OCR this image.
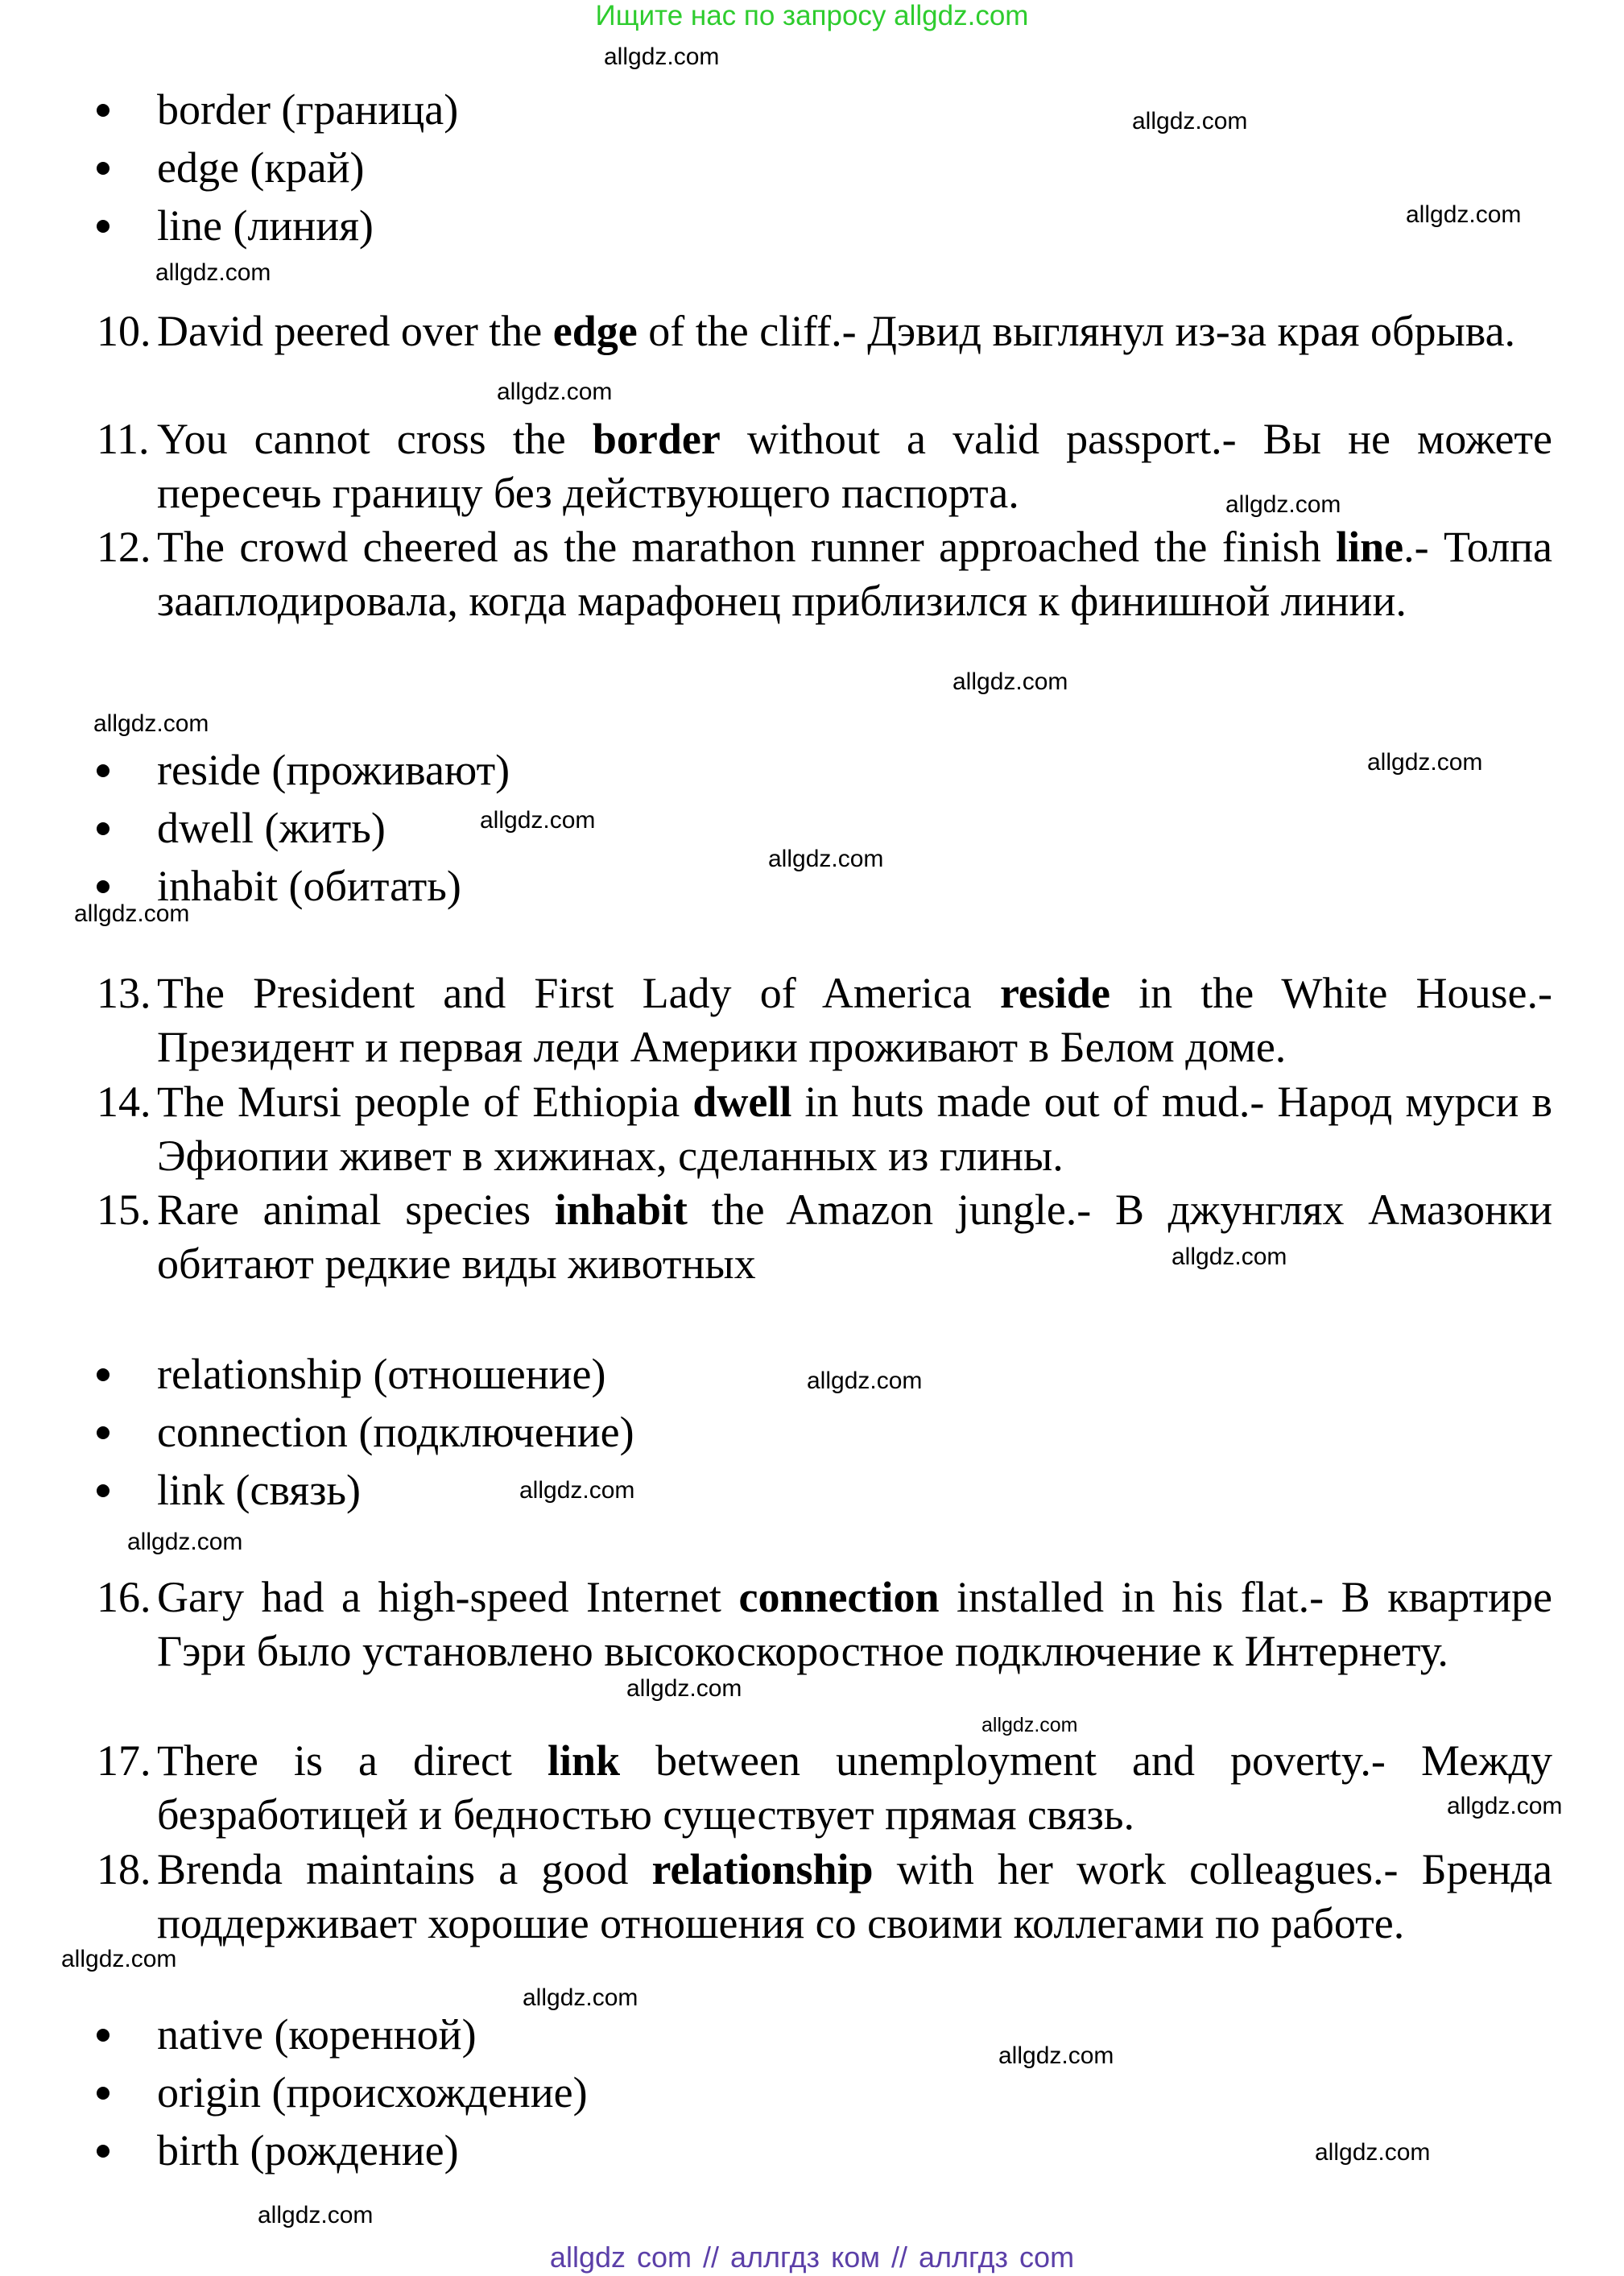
Ищите нас по запросу allgdz.com
border (граница)
edge (край)
line (линия)
10. David peered over the edge of the cliff.- Дэвид выглянул из-за края обрыва.
11. You cannot cross the border without a valid passport.- Вы не можете пересечь границу без действующего паспорта.
12. The crowd cheered as the marathon runner approached the finish line.- Толпа зааплодировала, когда марафонец приблизился к финишной линии.
reside (проживают)
dwell (жить)
inhabit (обитать)
13. The President and First Lady of America reside in the White House.- Президент и первая леди Америки проживают в Белом доме.
14. The Mursi people of Ethiopia dwell in huts made out of mud.- Народ мурси в Эфиопии живет в хижинах, сделанных из глины.
15. Rare animal species inhabit the Amazon jungle.- В джунглях Амазонки обитают редкие виды животных
relationship (отношение)
connection (подключение)
link (связь)
16. Gary had a high-speed Internet connection installed in his flat.- В квартире Гэри было установлено высокоскоростное подключение к Интернету.
17. There is a direct link between unemployment and poverty.- Между безработицей и бедностью существует прямая связь.
18. Brenda maintains a good relationship with her work colleagues.- Бренда поддерживает хорошие отношения со своими коллегами по работе.
native (коренной)
origin (происхождение)
birth (рождение)
allgdz.com
allgdz.com
allgdz.com
allgdz.com
allgdz.com
allgdz.com
allgdz.com
allgdz.com
allgdz.com
allgdz.com
allgdz.com
allgdz.com
allgdz.com
allgdz.com
allgdz.com
allgdz.com
allgdz.com
allgdz.com
allgdz.com
allgdz.com
allgdz.com
allgdz.com
allgdz.com
allgdz.com
allgdz com // аллгдз ком // аллгдз com
